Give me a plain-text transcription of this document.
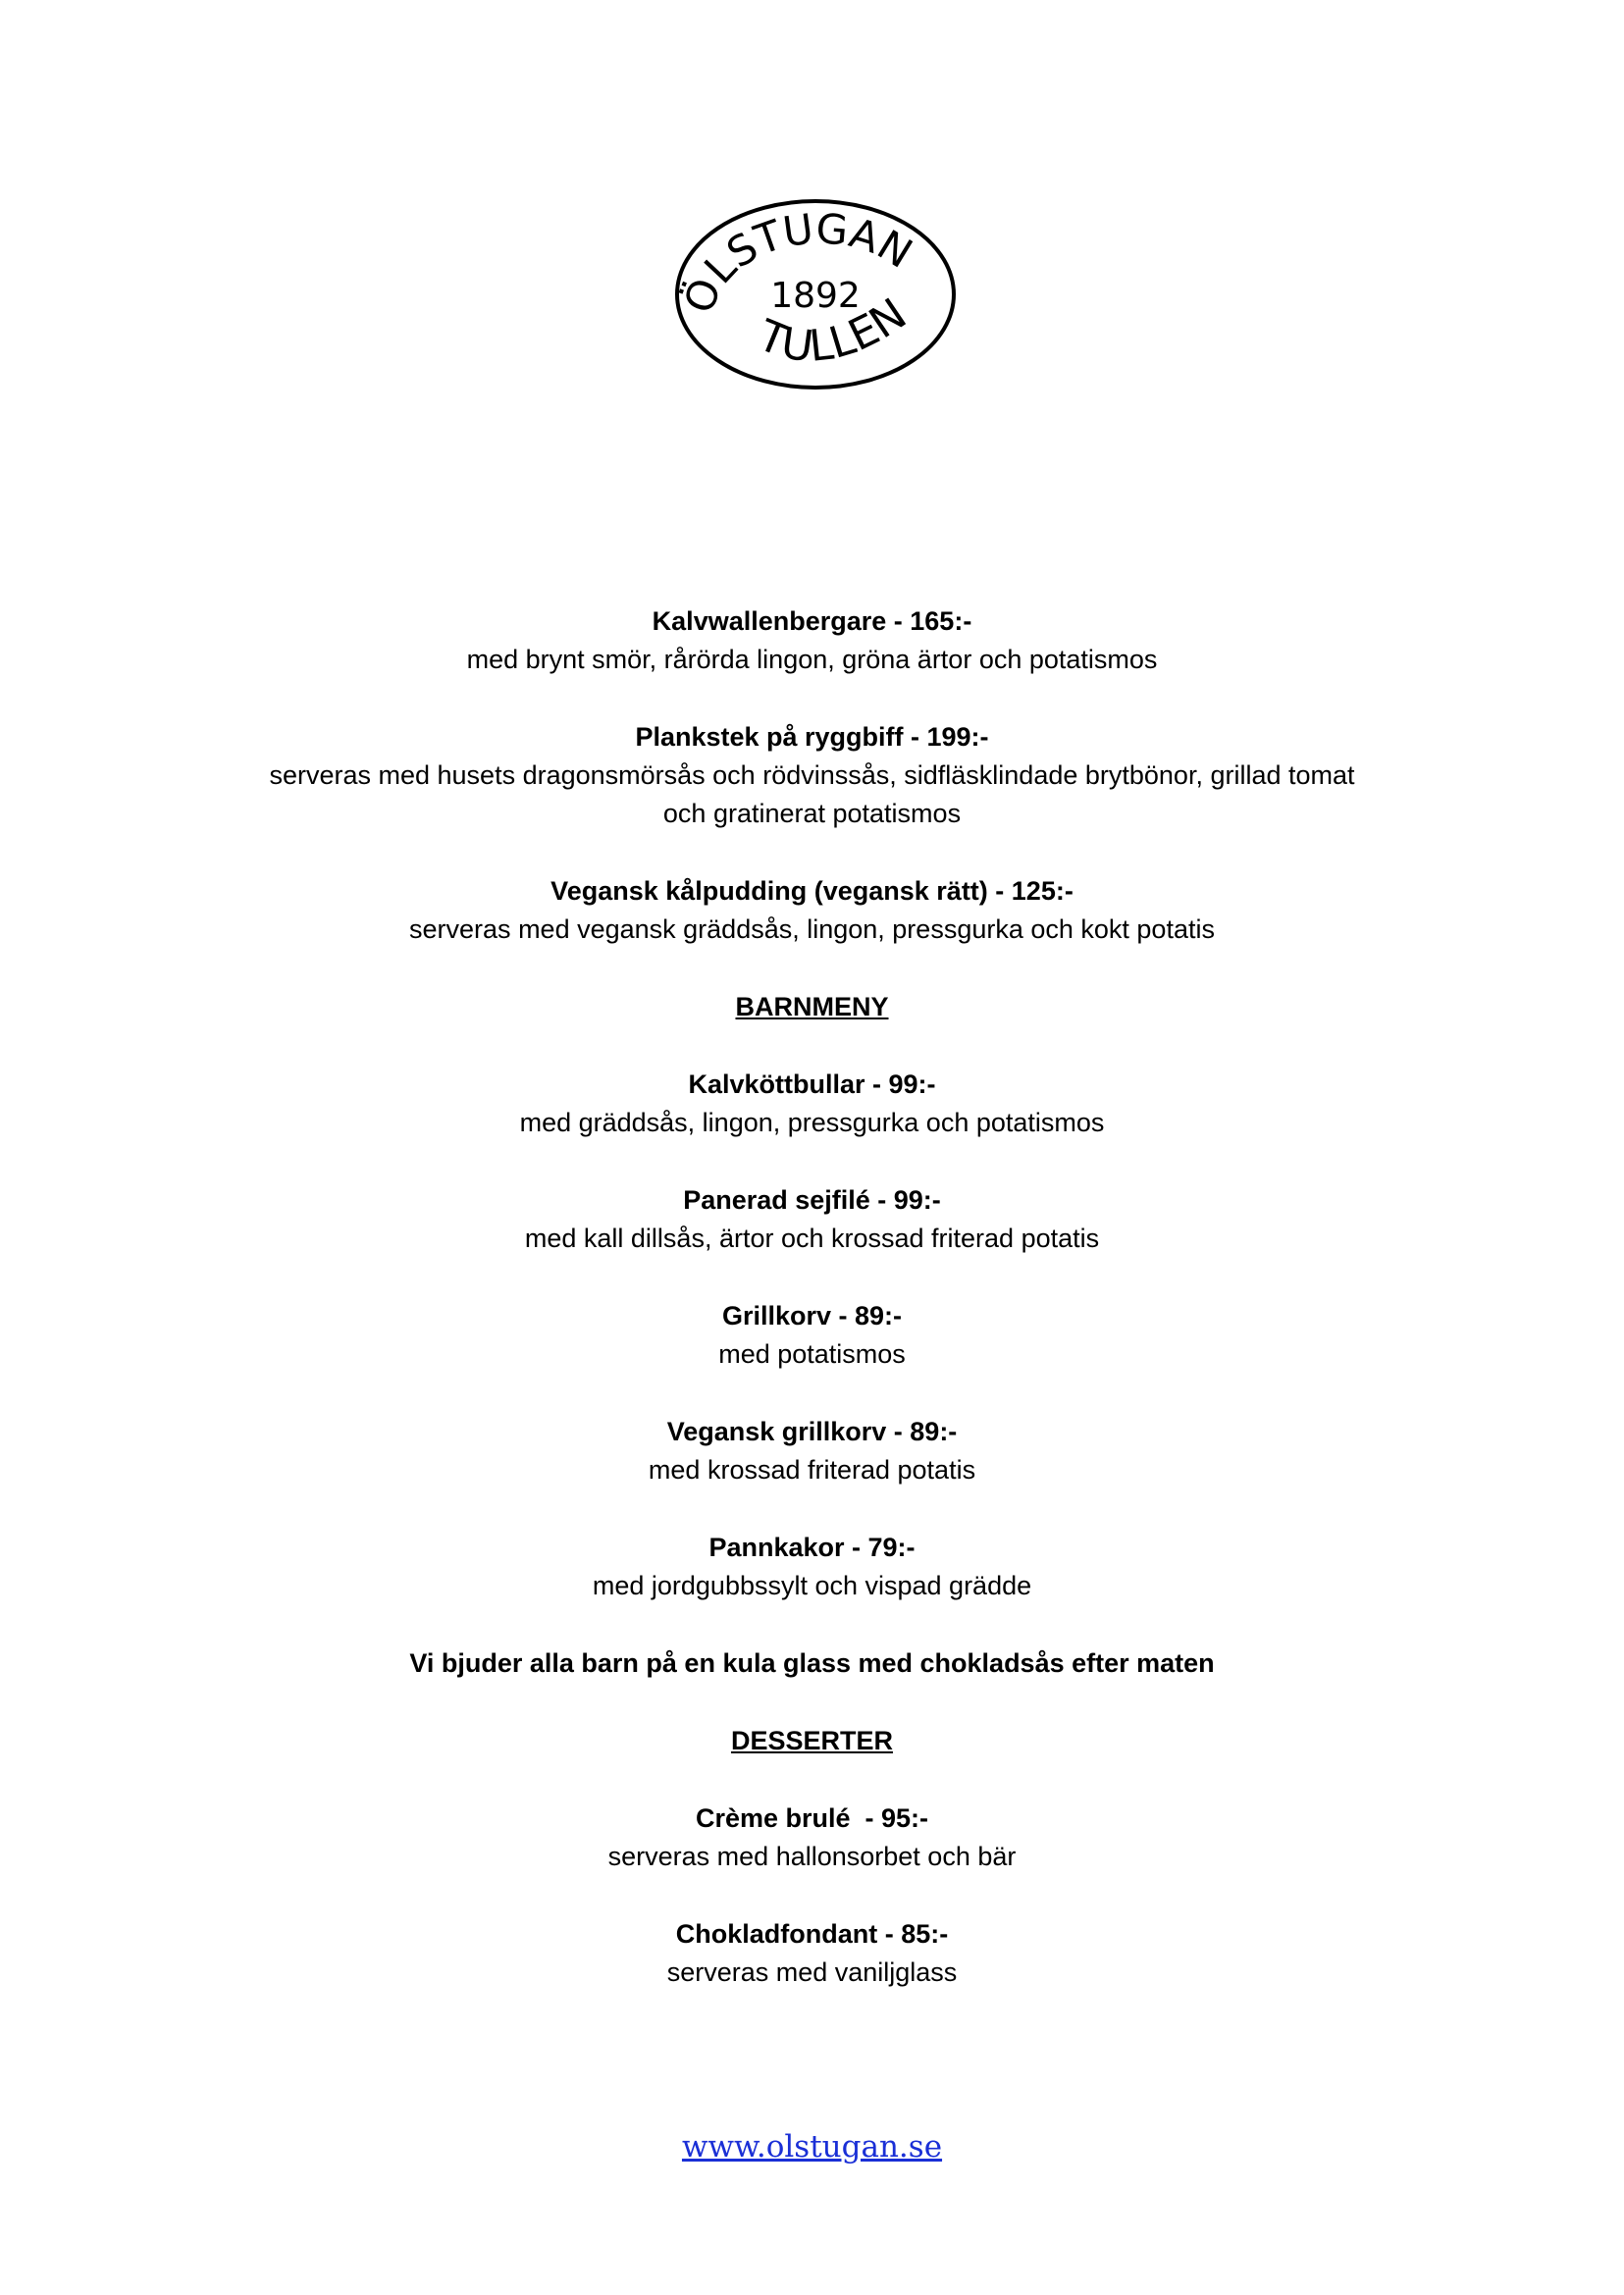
ÖLSTUGAN
1892
TULLEN
Kalvwallenbergare - 165:-
med brynt smör, rårörda lingon, gröna ärtor och potatismos
Plankstek på ryggbiff - 199:-
serveras med husets dragonsmörsås och rödvinssås, sidfläsklindade brytbönor, grillad tomat och gratinerat potatismos
Vegansk kålpudding (vegansk rätt) - 125:-
serveras med vegansk gräddsås, lingon, pressgurka och kokt potatis
BARNMENY
Kalvköttbullar - 99:-
med gräddsås, lingon, pressgurka och potatismos
Panerad sejfilé - 99:-
med kall dillsås, ärtor och krossad friterad potatis
Grillkorv - 89:-
med potatismos
Vegansk grillkorv - 89:-
med krossad friterad potatis
Pannkakor - 79:-
med jordgubbssylt och vispad grädde
Vi bjuder alla barn på en kula glass med chokladsås efter maten
DESSERTER
Crème brulé  - 95:-
serveras med hallonsorbet och bär
Chokladfondant - 85:-
serveras med vaniljglass
www.olstugan.se
